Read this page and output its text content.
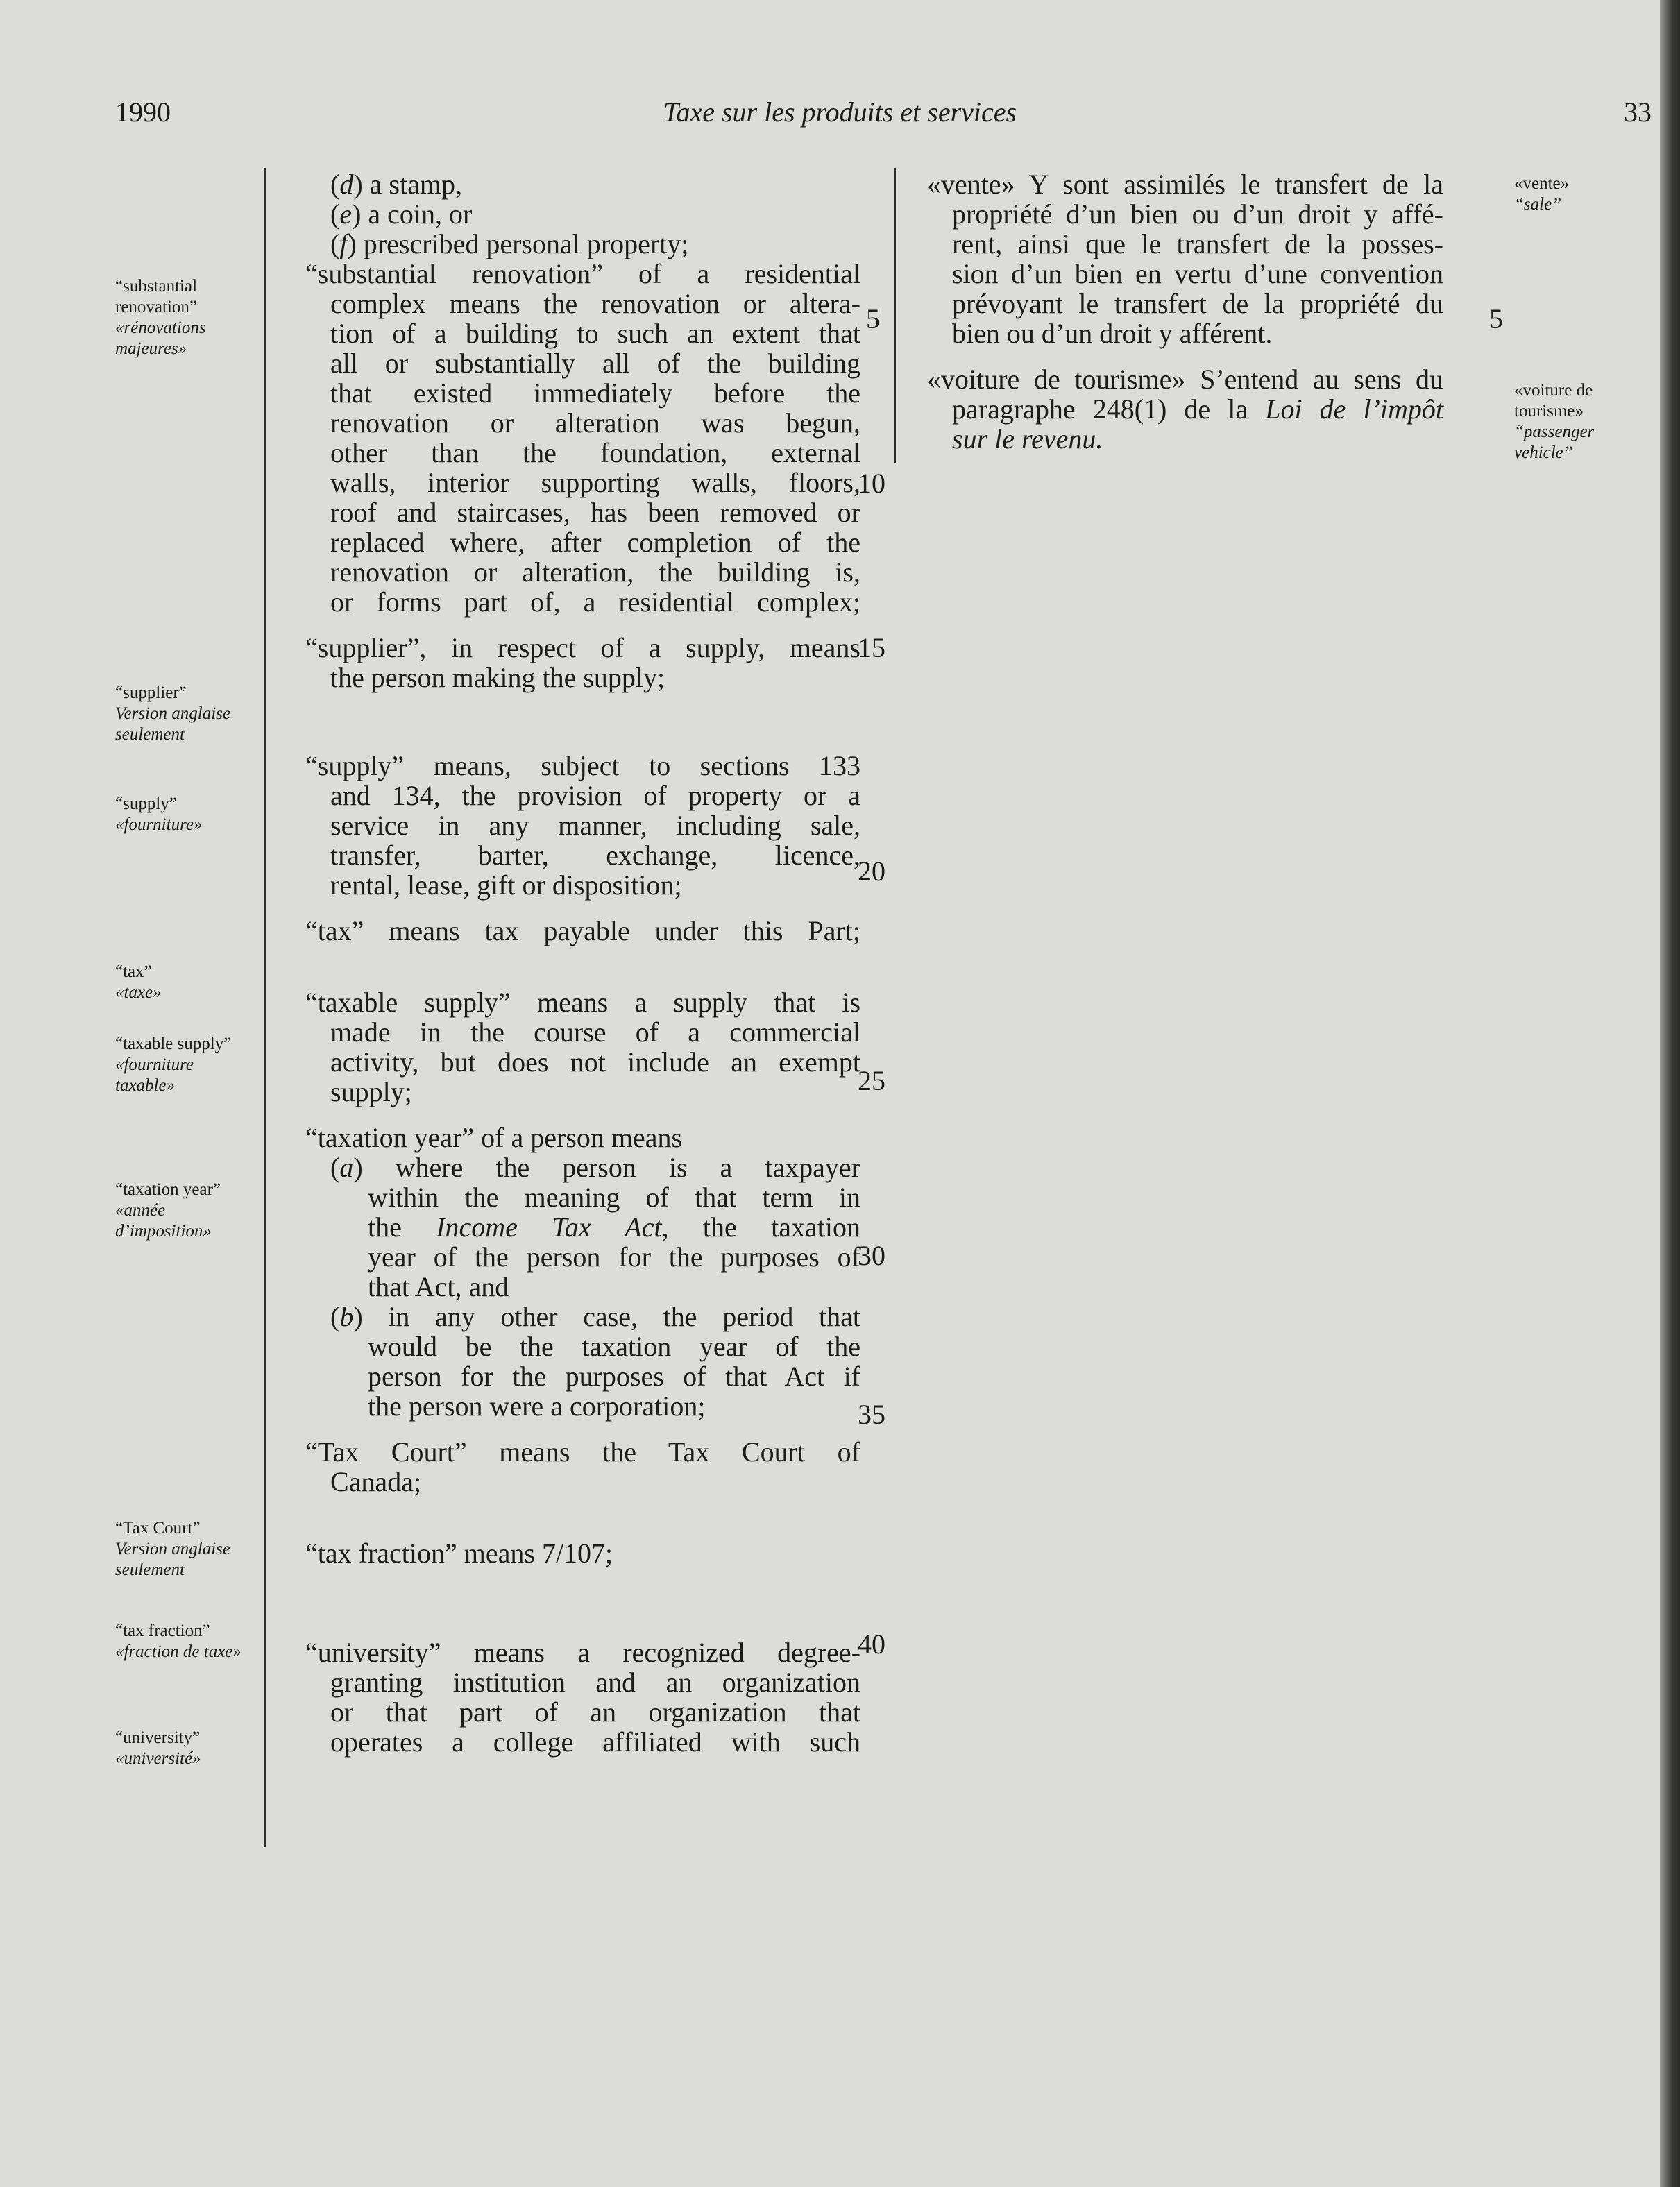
1990	Taxe sur les produits et services	33
“substantial renovation”
«rénovations majeures»
“supplier”
Version anglaise seulement
“supply”
«fourniture»
“tax”
«taxe»
“taxable supply”
«fourniture taxable»
“taxation year”
«année d’imposition»
“Tax Court”
Version anglaise seulement
“tax fraction”
«fraction de taxe»
“university”
«université»
(d) a stamp,
(e) a coin, or
(f) prescribed personal property;
“substantial renovation” of a residential
complex means the renovation or altera-
tion of a building to such an extent that
all or substantially all of the building
that existed immediately before the
renovation or alteration was begun,
other than the foundation, external
walls, interior supporting walls, floors,
roof and staircases, has been removed or
replaced where, after completion of the
renovation or alteration, the building is,
or forms part of, a residential complex;
“supplier”, in respect of a supply, means
the person making the supply;
“supply” means, subject to sections 133
and 134, the provision of property or a
service in any manner, including sale,
transfer, barter, exchange, licence,
rental, lease, gift or disposition;
“tax” means tax payable under this Part;
“taxable supply” means a supply that is
made in the course of a commercial
activity, but does not include an exempt
supply;
“taxation year” of a person means
(a) where the person is a taxpayer
within the meaning of that term in
the Income Tax Act, the taxation
year of the person for the purposes of
that Act, and
(b) in any other case, the period that
would be the taxation year of the
person for the purposes of that Act if
the person were a corporation;
“Tax Court” means the Tax Court of
Canada;
“tax fraction” means 7/107;
“university” means a recognized degree-
granting institution and an organization
or that part of an organization that
operates a college affiliated with such
5
10
15
20
25
30
35
40
«vente» Y sont assimilés le transfert de la
propriété d’un bien ou d’un droit y affé-
rent, ainsi que le transfert de la posses-
sion d’un bien en vertu d’une convention
prévoyant le transfert de la propriété du
bien ou d’un droit y afférent.
«voiture de tourisme» S’entend au sens du
paragraphe 248(1) de la Loi de l’impôt
sur le revenu.
5
«vente»
“sale”
«voiture de tourisme»
“passenger vehicle”
